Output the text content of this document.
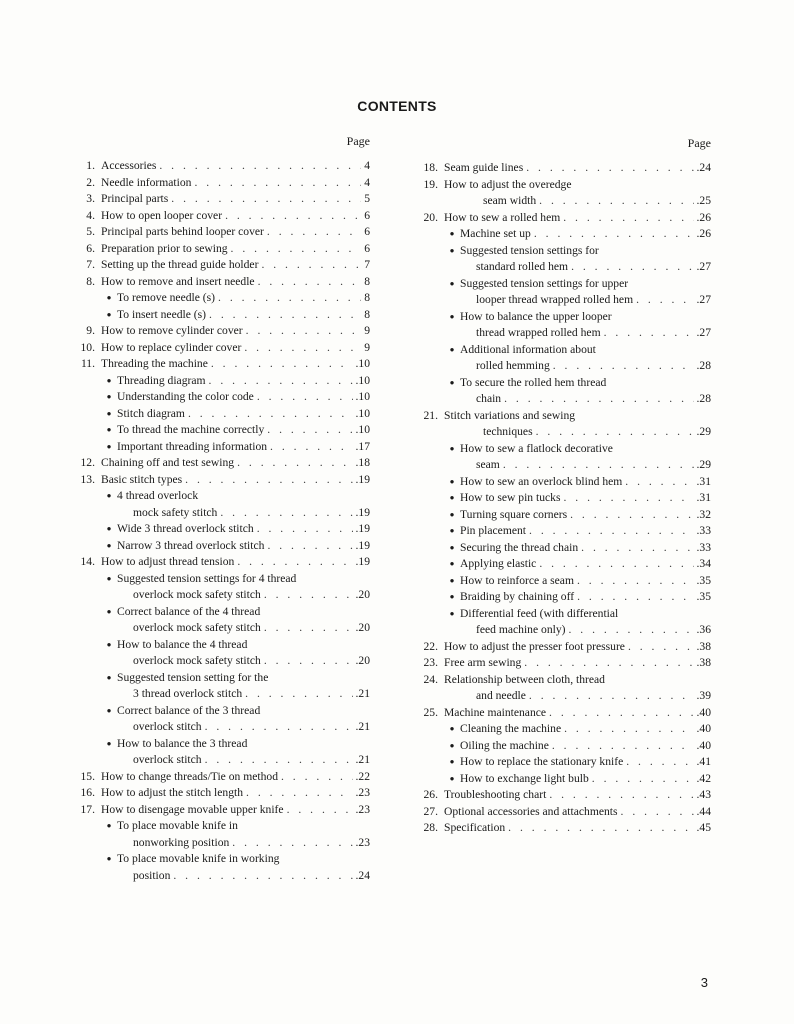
CONTENTS
Page
1. Accessories . . .	4
2. Needle information . . .	4
3. Principal parts . . .	5
4. How to open looper cover . . .	6
5. Principal parts behind looper cover . . .	6
6. Preparation prior to sewing . . .	6
7. Setting up the thread guide holder . . .	7
8. How to remove and insert needle . . .	8
● To remove needle (s) . . .	8
● To insert needle (s) . . .	8
9. How to remove cylinder cover . . .	9
10. How to replace cylinder cover . . .	9
11. Threading the machine . . .	.10
● Threading diagram . . .	.10
● Understanding the color code . . .	.10
● Stitch diagram . . .	.10
● To thread the machine correctly . . .	.10
● Important threading information . . .	.17
12. Chaining off and test sewing . . .	.18
13. Basic stitch types . . .	.19
● 4 thread overlock
mock safety stitch . . .	.19
● Wide 3 thread overlock stitch . . .	.19
● Narrow 3 thread overlock stitch . . .	.19
14. How to adjust thread tension . . .	.19
● Suggested tension settings for 4 thread
overlock mock safety stitch . . .	.20
● Correct balance of the 4 thread
overlock mock safety stitch . . .	.20
● How to balance the 4 thread
overlock mock safety stitch . . .	.20
● Suggested tension setting for the
3 thread overlock stitch . . .	.21
● Correct balance of the 3 thread
overlock stitch . . .	.21
● How to balance the 3 thread
overlock stitch . . .	.21
15. How to change threads/Tie on method . . .	.22
16. How to adjust the stitch length . . .	.23
17. How to disengage movable upper knife . . .	.23
● To place movable knife in
nonworking position . . .	.23
● To place movable knife in working
position . . .	.24
Page
18. Seam guide lines . . .	.24
19. How to adjust the overedge
seam width . . .	.25
20. How to sew a rolled hem . . .	.26
● Machine set up . . .	.26
● Suggested tension settings for
standard rolled hem . . .	.27
● Suggested tension settings for upper
looper thread wrapped rolled hem . . .	.27
● How to balance the upper looper
thread wrapped rolled hem . . .	.27
● Additional information about
rolled hemming . . .	.28
● To secure the rolled hem thread
chain . . .	.28
21. Stitch variations and sewing
techniques . . .	.29
● How to sew a flatlock decorative
seam . . .	.29
● How to sew an overlock blind hem . . .	.31
● How to sew pin tucks . . .	.31
● Turning square corners . . .	.32
● Pin placement . . .	.33
● Securing the thread chain . . .	.33
● Applying elastic . . .	.34
● How to reinforce a seam . . .	.35
● Braiding by chaining off . . .	.35
● Differential feed (with differential
feed machine only) . . .	.36
22. How to adjust the presser foot pressure . . .	.38
23. Free arm sewing . . .	.38
24. Relationship between cloth, thread
and needle . . .	.39
25. Machine maintenance . . .	.40
● Cleaning the machine . . .	.40
● Oiling the machine . . .	.40
● How to replace the stationary knife . . .	.41
● How to exchange light bulb . . .	.42
26. Troubleshooting chart . . .	.43
27. Optional accessories and attachments . . .	.44
28. Specification . . .	.45
3
